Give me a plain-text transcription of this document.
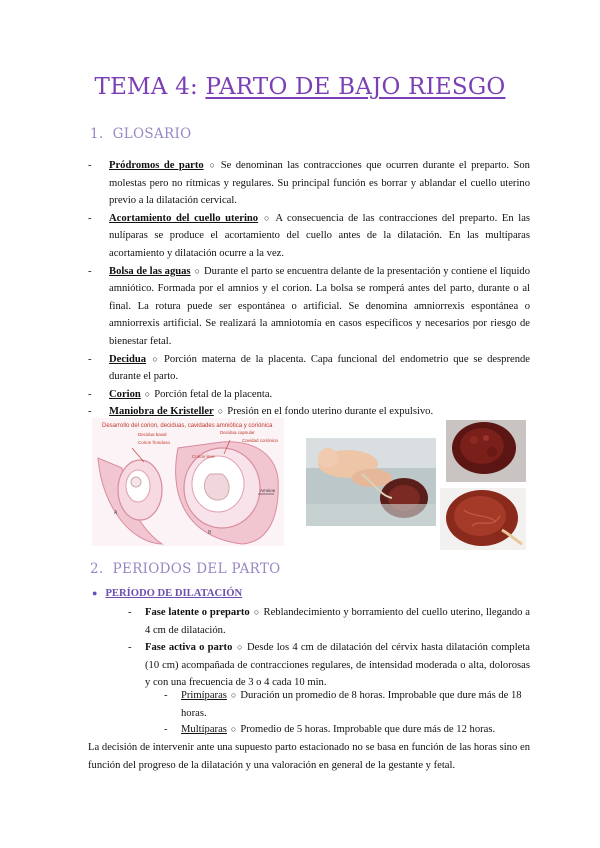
TEMA 4: PARTO DE BAJO RIESGO
1. GLOSARIO
- Pródromos de parto ○ Se denominan las contracciones que ocurren durante el preparto. Son molestas pero no rítmicas y regulares. Su principal función es borrar y ablandar el cuello uterino previo a la dilatación cervical.
- Acortamiento del cuello uterino ○ A consecuencia de las contracciones del preparto. En las nulíparas se produce el acortamiento del cuello antes de la dilatación. En las multíparas acortamiento y dilatación ocurre a la vez.
- Bolsa de las aguas ○ Durante el parto se encuentra delante de la presentación y contiene el líquido amniótico. Formada por el amnios y el corion. La bolsa se romperá antes del parto, durante o al final. La rotura puede ser espontánea o artificial. Se denomina amniorrexis espontánea o amniorrexis artificial. Se realizará la amniotomía en casos específicos y necesarios por riesgo de bienestar fetal.
- Decidua ○ Porción materna de la placenta. Capa funcional del endometrio que se desprende durante el parto.
- Corion ○ Porción fetal de la placenta.
- Maniobra de Kristeller ○ Presión en el fondo uterino durante el expulsivo.
Desarrollo del corion, deciduas, cavidades amniótica y coriónica
Decidua basal
Corion frondoso
Decidua capsular
Cavidad coriónica
Amnios
Corion leve
A
B
2. PERIODOS DEL PARTO
● PERÍODO DE DILATACIÓN
-	Fase latente o preparto ○ Reblandecimiento y borramiento del cuello uterino, llegando a 4 cm de dilatación.
-	Fase activa o parto ○ Desde los 4 cm de dilatación del cérvix hasta dilatación completa (10 cm) acompañada de contracciones regulares, de intensidad moderada o alta, dolorosas y con una frecuencia de 3 o 4 cada 10 min.
-	Primíparas ○ Duración un promedio de 8 horas. Improbable que dure más de 18 horas.
-	Multíparas ○ Promedio de 5 horas. Improbable que dure más de 12 horas.
La decisión de intervenir ante una supuesto parto estacionado no se basa en función de las horas sino en función del progreso de la dilatación y una valoración en general de la gestante y fetal.
